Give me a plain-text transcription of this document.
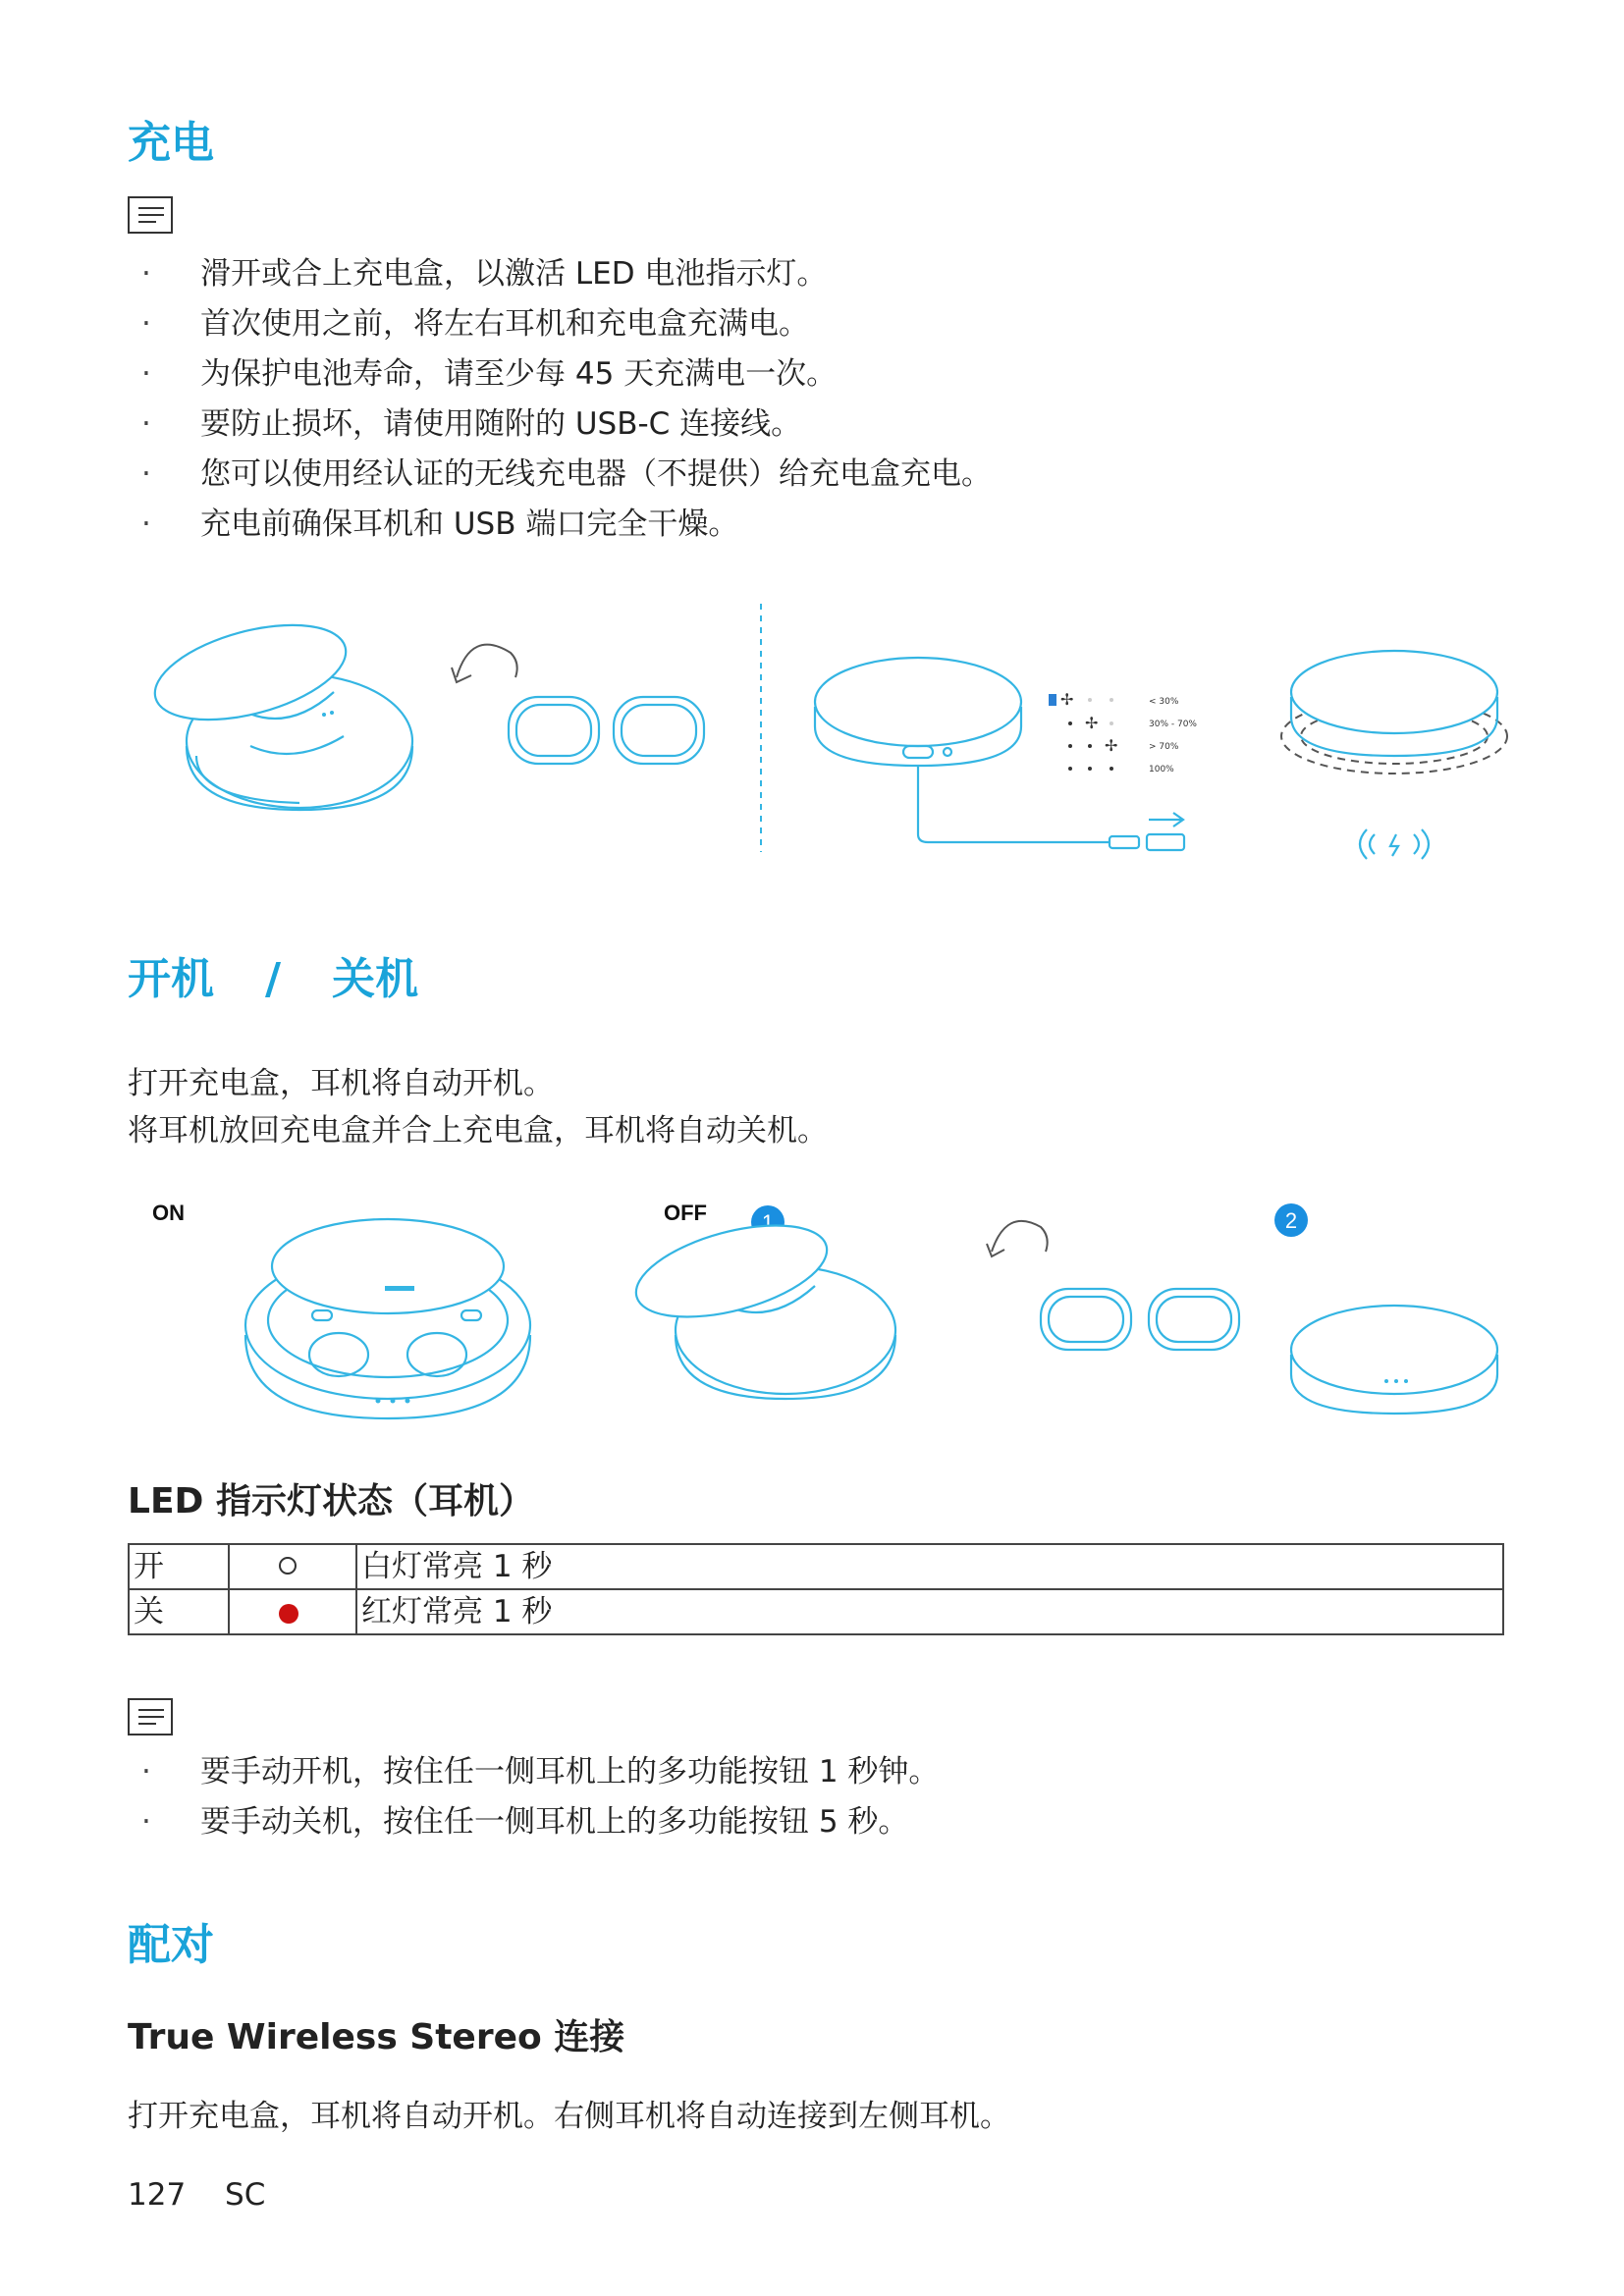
充电
· 滑开或合上充电盒，以激活 LED 电池指示灯。
· 首次使用之前，将左右耳机和充电盒充满电。
· 为保护电池寿命，请至少每 45 天充满电一次。
· 要防止损坏，请使用随附的 USB-C 连接线。
· 您可以使用经认证的无线充电器（不提供）给充电盒充电。
· 充电前确保耳机和 USB 端口完全干燥。
✢
✢
✢
< 30%
30% - 70%
> 70%
100%
开机 / 关机

打开充电盒，耳机将自动开机。
将耳机放回充电盒并合上充电盒，耳机将自动关机。

ON	OFF	1	2
LED 指示灯状态（耳机）
开		白灯常亮 1 秒
关		红灯常亮 1 秒
· 要手动开机，按住任一侧耳机上的多功能按钮 1 秒钟。
· 要手动关机，按住任一侧耳机上的多功能按钮 5 秒。
配对
True Wireless Stereo 连接

打开充电盒，耳机将自动开机。右侧耳机将自动连接到左侧耳机。

127 SC
